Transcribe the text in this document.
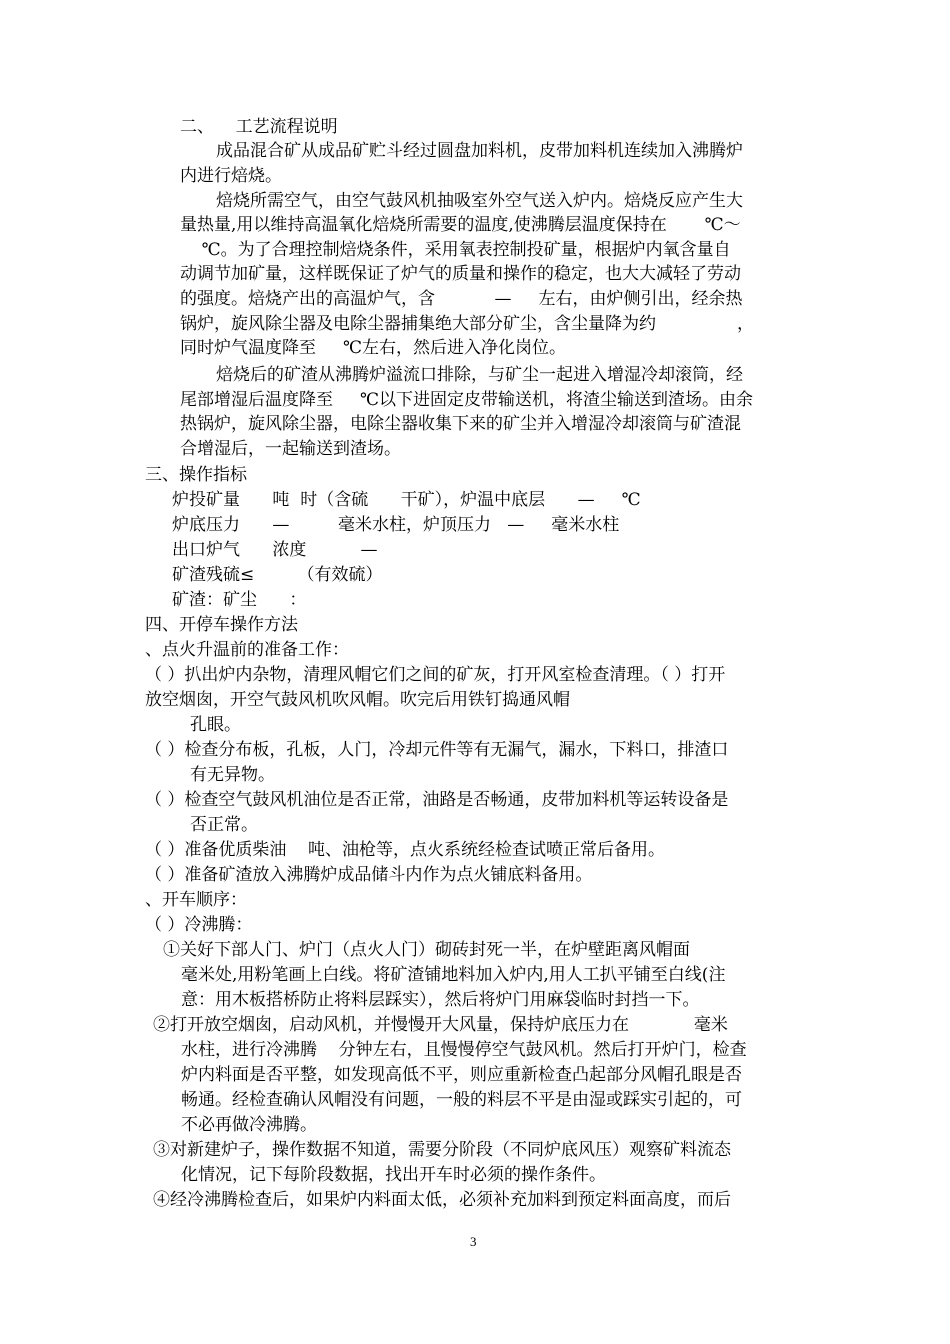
二、    工艺流程说明
成品混合矿从成品矿贮斗经过圆盘加料机，皮带加料机连续加入沸腾炉
内进行焙烧。
焙烧所需空气，由空气鼓风机抽吸室外空气送入炉内。焙烧反应产生大
量热量,用以维持高温氧化焙烧所需要的温度,使沸腾层温度保持在       ℃～
℃。为了合理控制焙烧条件，采用氧表控制投矿量，根据炉内氧含量自
动调节加矿量，这样既保证了炉气的质量和操作的稳定，也大大减轻了劳动
的强度。焙烧产出的高温炉气，含           —     左右，由炉侧引出，经余热
锅炉，旋风除尘器及电除尘器捕集绝大部分矿尘，含尘量降为约               ，
同时炉气温度降至     ℃左右，然后进入净化岗位。
焙烧后的矿渣从沸腾炉溢流口排除，与矿尘一起进入增湿冷却滚筒，经
尾部增湿后温度降至     ℃以下进固定皮带输送机，将渣尘输送到渣场。由余
热锅炉，旋风除尘器，电除尘器收集下来的矿尘并入增湿冷却滚筒与矿渣混
合增湿后，一起输送到渣场。
三、操作指标
炉投矿量      吨  时（含硫      干矿），炉温中底层      —     ℃
炉底压力      —         毫米水柱，炉顶压力   —     毫米水柱
出口炉气      浓度          —
矿渣残硫≤        （有效硫）
矿渣：矿尘      ：
四、开停车操作方法
、点火升温前的准备工作：
（ ）扒出炉内杂物，清理风帽它们之间的矿灰，打开风室检查清理。（ ）打开
放空烟囱，开空气鼓风机吹风帽。吹完后用铁钉捣通风帽
孔眼。
（ ）检查分布板，孔板，人门，冷却元件等有无漏气，漏水，下料口，排渣口
有无异物。
（ ）检查空气鼓风机油位是否正常，油路是否畅通，皮带加料机等运转设备是
否正常。
（ ）准备优质柴油    吨、油枪等，点火系统经检查试喷正常后备用。
（ ）准备矿渣放入沸腾炉成品储斗内作为点火铺底料备用。
、开车顺序：
（ ）冷沸腾：
①关好下部人门、炉门（点火人门）砌砖封死一半，在炉壁距离风帽面
毫米处,用粉笔画上白线。将矿渣铺地料加入炉内,用人工扒平铺至白线(注
意：用木板搭桥防止将料层踩实），然后将炉门用麻袋临时封挡一下。
②打开放空烟囱，启动风机，并慢慢开大风量，保持炉底压力在            毫米
水柱，进行冷沸腾    分钟左右，且慢慢停空气鼓风机。然后打开炉门，检查
炉内料面是否平整，如发现高低不平，则应重新检查凸起部分风帽孔眼是否
畅通。经检查确认风帽没有问题，一般的料层不平是由湿或踩实引起的，可
不必再做冷沸腾。
③对新建炉子，操作数据不知道，需要分阶段（不同炉底风压）观察矿料流态
化情况，记下每阶段数据，找出开车时必须的操作条件。
④经冷沸腾检查后，如果炉内料面太低，必须补充加料到预定料面高度，而后
3
